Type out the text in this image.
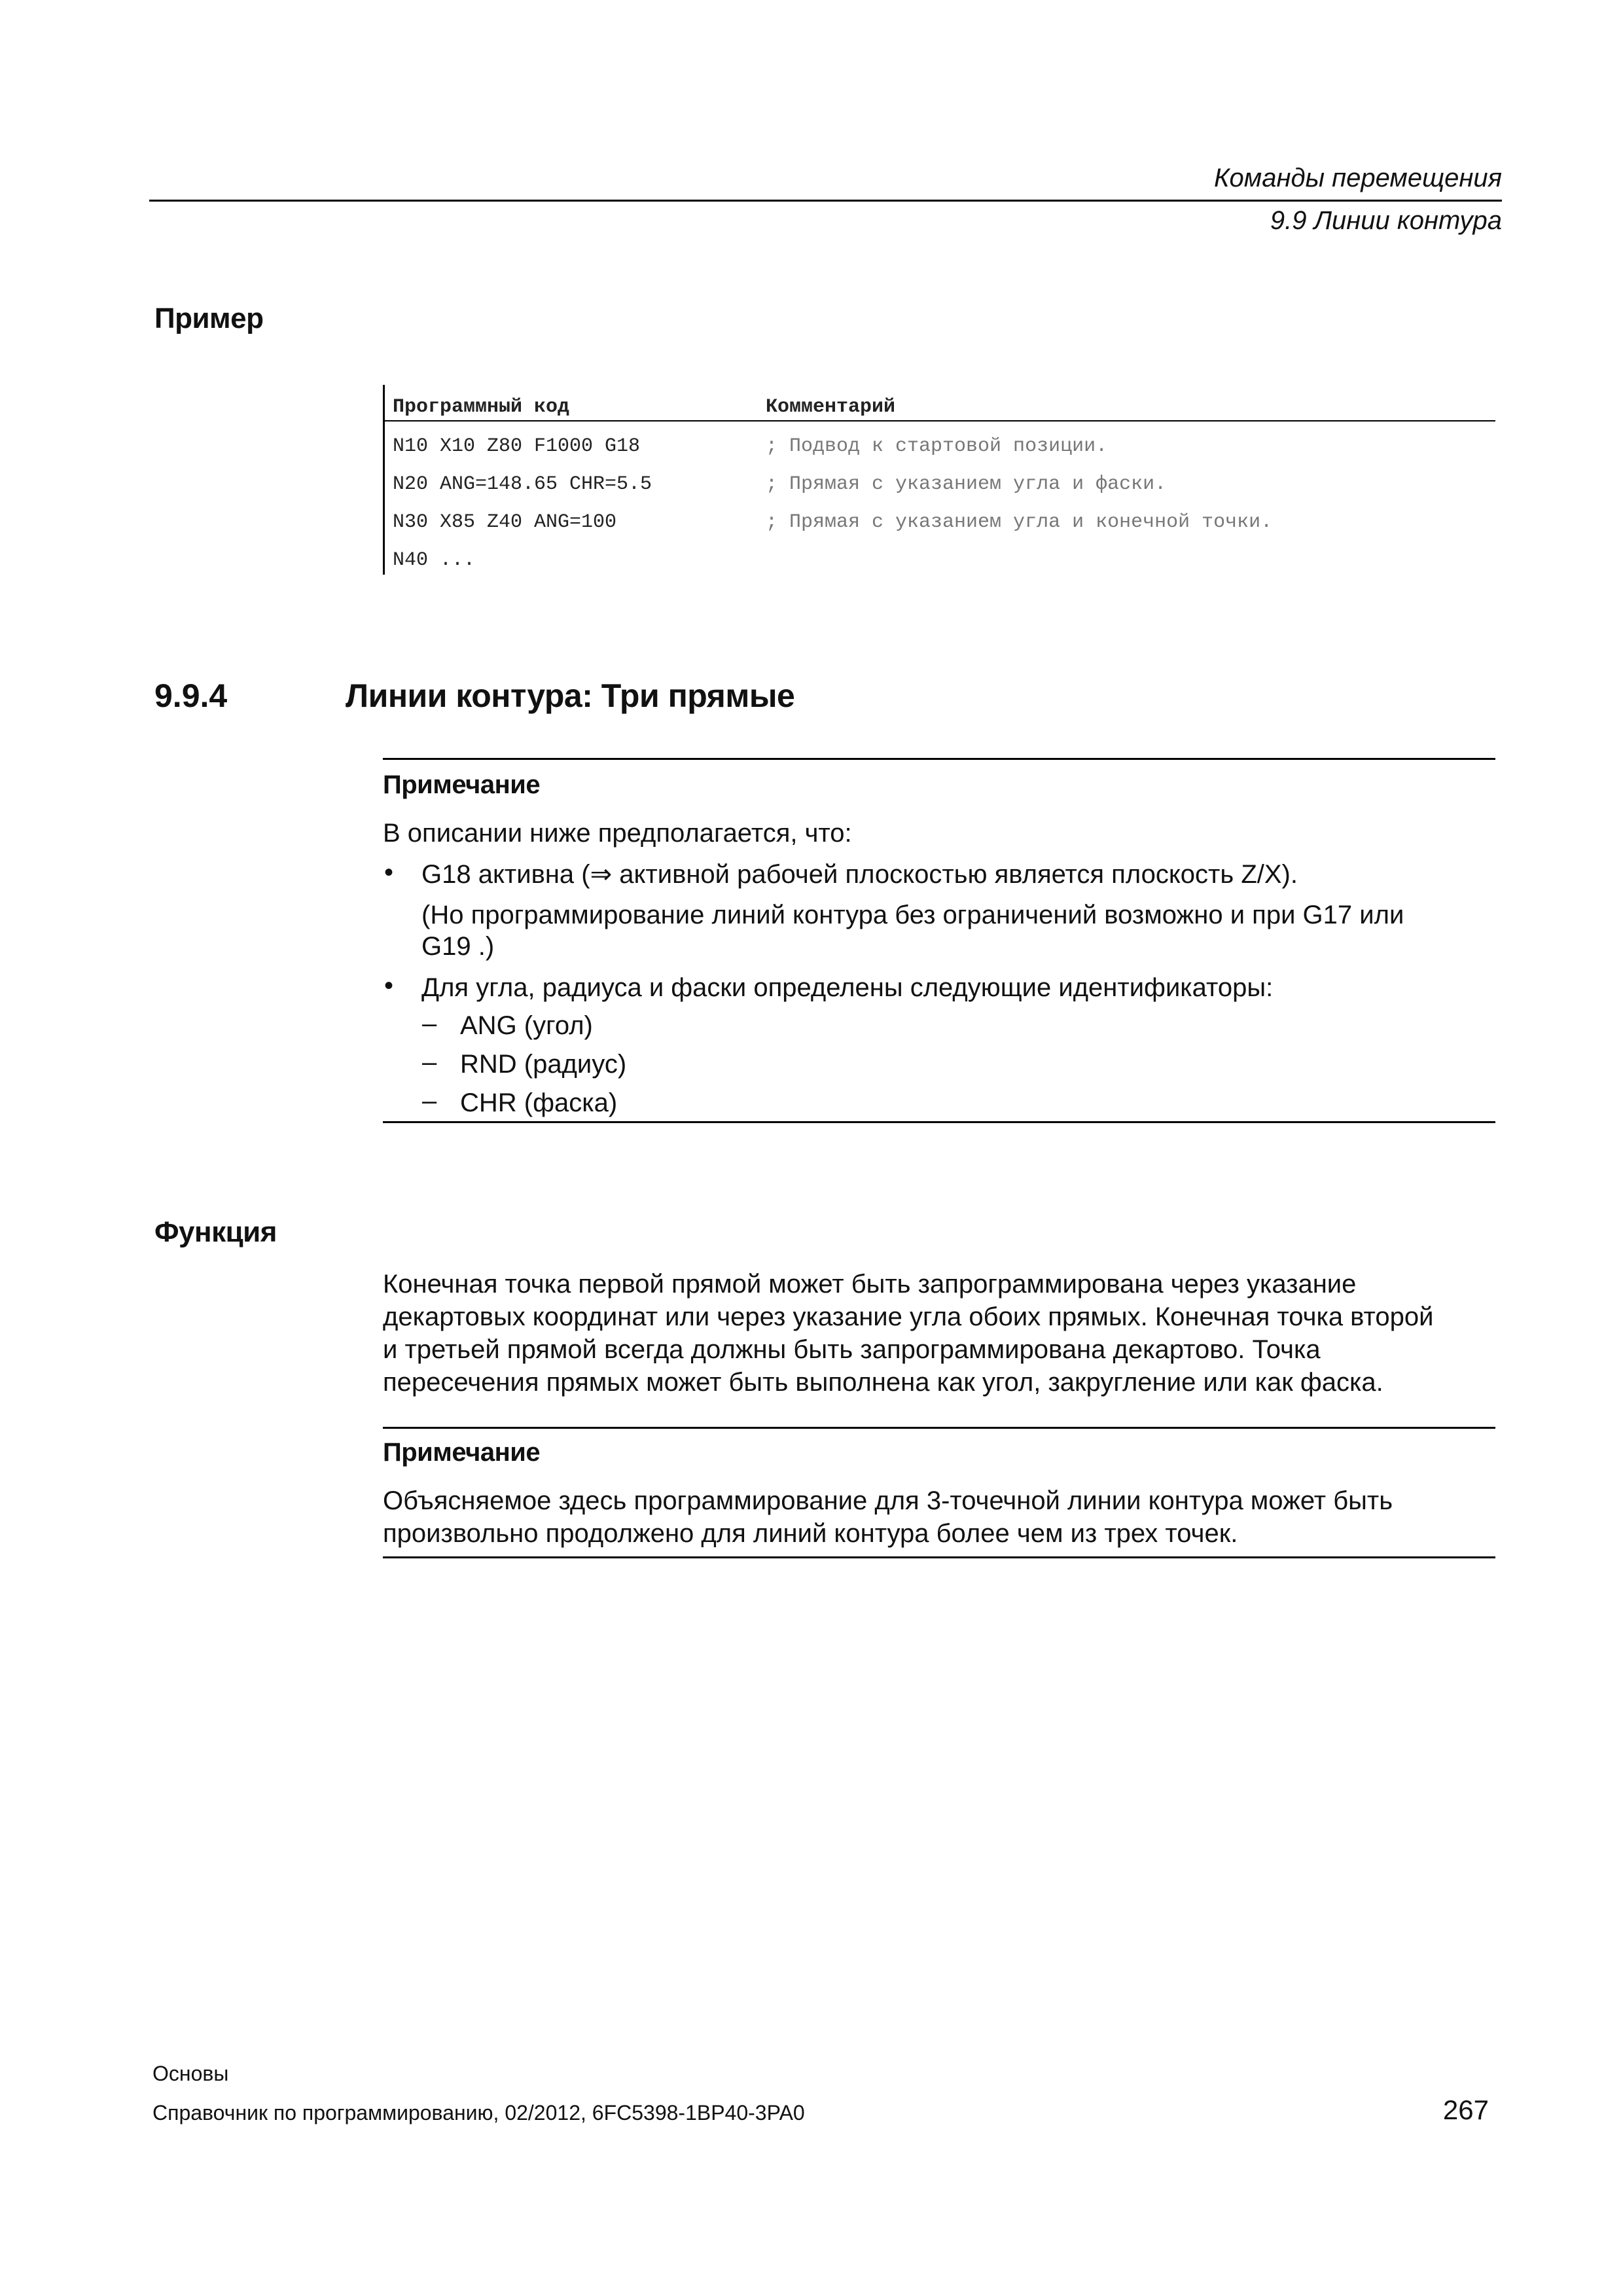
Команды перемещения
9.9 Линии контура
Пример
Программный код	Комментарий
N10 X10 Z80 F1000 G18	; Подвод к стартовой позиции.
N20 ANG=148.65 CHR=5.5	; Прямая с указанием угла и фаски.
N30 X85 Z40 ANG=100	; Прямая с указанием угла и конечной точки.
N40 ...
9.9.4	Линии контура: Три прямые
Примечание
В описании ниже предполагается, что:
• G18 активна (⇒ активной рабочей плоскостью является плоскость Z/X).
(Но программирование линий контура без ограничений возможно и при G17 или
G19 .)
• Для угла, радиуса и фаски определены следующие идентификаторы:
– ANG (угол)
– RND (радиус)
– CHR (фаска)
Функция
Конечная точка первой прямой может быть запрограммирована через указание
декартовых координат или через указание угла обоих прямых. Конечная точка второй
и третьей прямой всегда должны быть запрограммирована декартово. Точка
пересечения прямых может быть выполнена как угол, закругление или как фаска.
Примечание
Объясняемое здесь программирование для 3-точечной линии контура может быть
произвольно продолжено для линий контура более чем из трех точек.
Основы
Справочник по программированию, 02/2012, 6FC5398-1BP40-3PA0	267
